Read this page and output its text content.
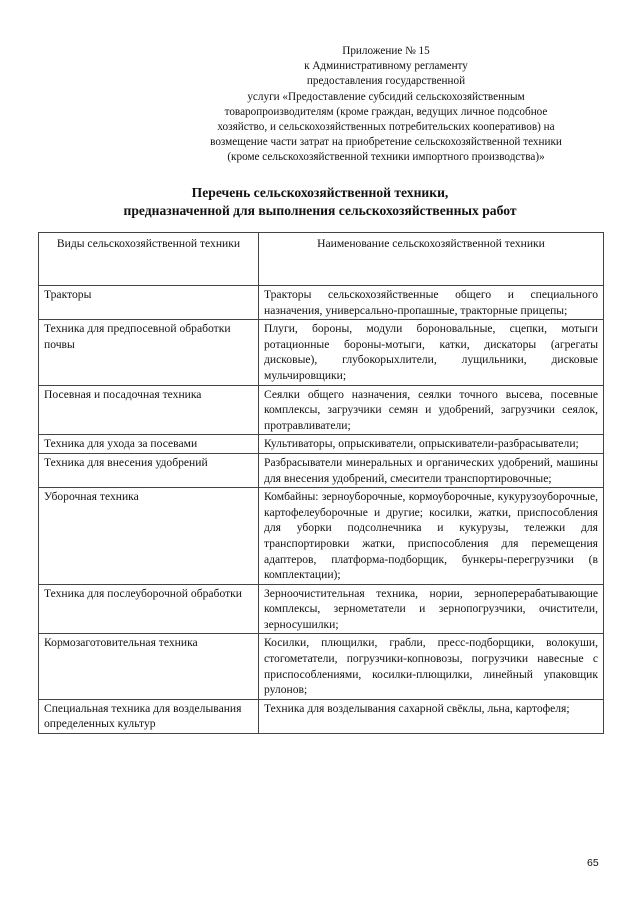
Приложение № 15
к Административному регламенту
предоставления государственной
услуги «Предоставление субсидий сельскохозяйственным
товаропроизводителям (кроме граждан, ведущих личное подсобное
хозяйство, и сельскохозяйственных потребительских кооперативов) на
возмещение части затрат на приобретение сельскохозяйственной техники
(кроме сельскохозяйственной техники импортного производства)»
Перечень сельскохозяйственной техники,
предназначенной для выполнения сельскохозяйственных работ
Виды сельскохозяйственной техники	Наименование сельскохозяйственной техники
Тракторы	Тракторы сельскохозяйственные общего и специального назначения, универсально-пропашные, тракторные прицепы;
Техника для предпосевной обработки почвы	Плуги, бороны, модули бороновальные, сцепки, мотыги ротационные бороны-мотыги, катки, дискаторы (агрегаты дисковые), глубокорыхлители, лущильники, дисковые мульчировщики;
Посевная и посадочная техника	Сеялки общего назначения, сеялки точного высева, посевные комплексы, загрузчики семян и удобрений, загрузчики сеялок, протравливатели;
Техника для ухода за посевами	Культиваторы, опрыскиватели, опрыскиватели-разбрасыватели;
Техника для внесения удобрений	Разбрасыватели минеральных и органических удобрений, машины для внесения удобрений, смесители транспортировочные;
Уборочная техника	Комбайны: зерноуборочные, кормоуборочные, кукурузоуборочные, картофелеуборочные и другие; косилки, жатки, приспособления для уборки подсолнечника и кукурузы, тележки для транспортировки жатки, приспособления для перемещения адаптеров, платформа-подборщик, бункеры-перегрузчики (в комплектации);
Техника для послеуборочной обработки	Зерноочистительная техника, нории, зерноперерабатывающие комплексы, зернометатели и зернопогрузчики, очистители, зерносушилки;
Кормозаготовительная техника	Косилки, плющилки, грабли, пресс-подборщики, волокуши, стогометатели, погрузчики-копновозы, погрузчики навесные с приспособлениями, косилки-плющилки, линейный упаковщик рулонов;
Специальная техника для возделывания определенных культур	Техника для возделывания сахарной свёклы, льна, картофеля;
65
